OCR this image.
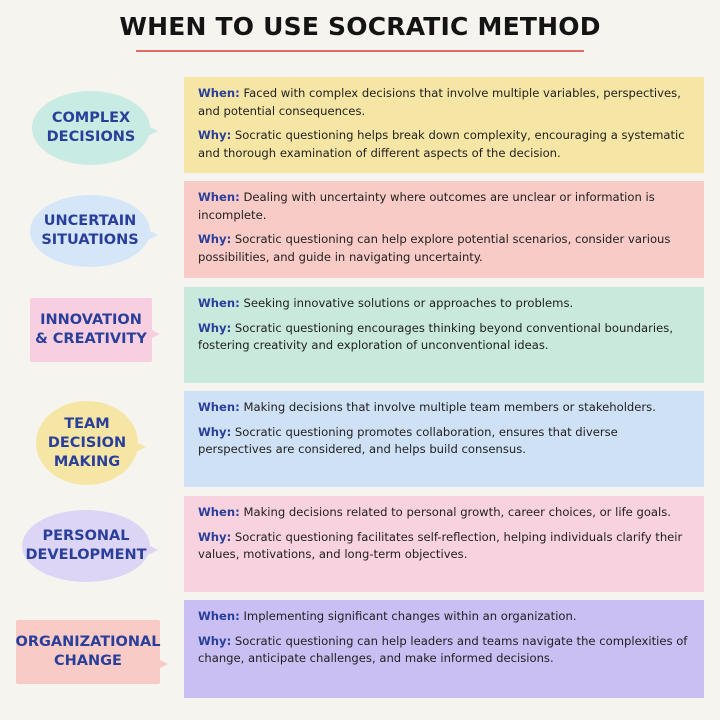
WHEN TO USE SOCRATIC METHOD
COMPLEX
DECISIONS

When: Faced with complex decisions that involve multiple variables, perspectives, and potential consequences.

Why: Socratic questioning helps break down complexity, encouraging a systematic and thorough examination of different aspects of the decision.

UNCERTAIN
SITUATIONS

When: Dealing with uncertainty where outcomes are unclear or information is incomplete.

Why: Socratic questioning can help explore potential scenarios, consider various possibilities, and guide in navigating uncertainty.

INNOVATION
& CREATIVITY

When: Seeking innovative solutions or approaches to problems.

Why: Socratic questioning encourages thinking beyond conventional boundaries, fostering creativity and exploration of unconventional ideas.

TEAM
DECISION
MAKING

When: Making decisions that involve multiple team members or stakeholders.

Why: Socratic questioning promotes collaboration, ensures that diverse perspectives are considered, and helps build consensus.

PERSONAL
DEVELOPMENT

When: Making decisions related to personal growth, career choices, or life goals.

Why: Socratic questioning facilitates self-reflection, helping individuals clarify their values, motivations, and long-term objectives.

ORGANIZATIONAL
CHANGE

When: Implementing significant changes within an organization.

Why: Socratic questioning can help leaders and teams navigate the complexities of change, anticipate challenges, and make informed decisions.
